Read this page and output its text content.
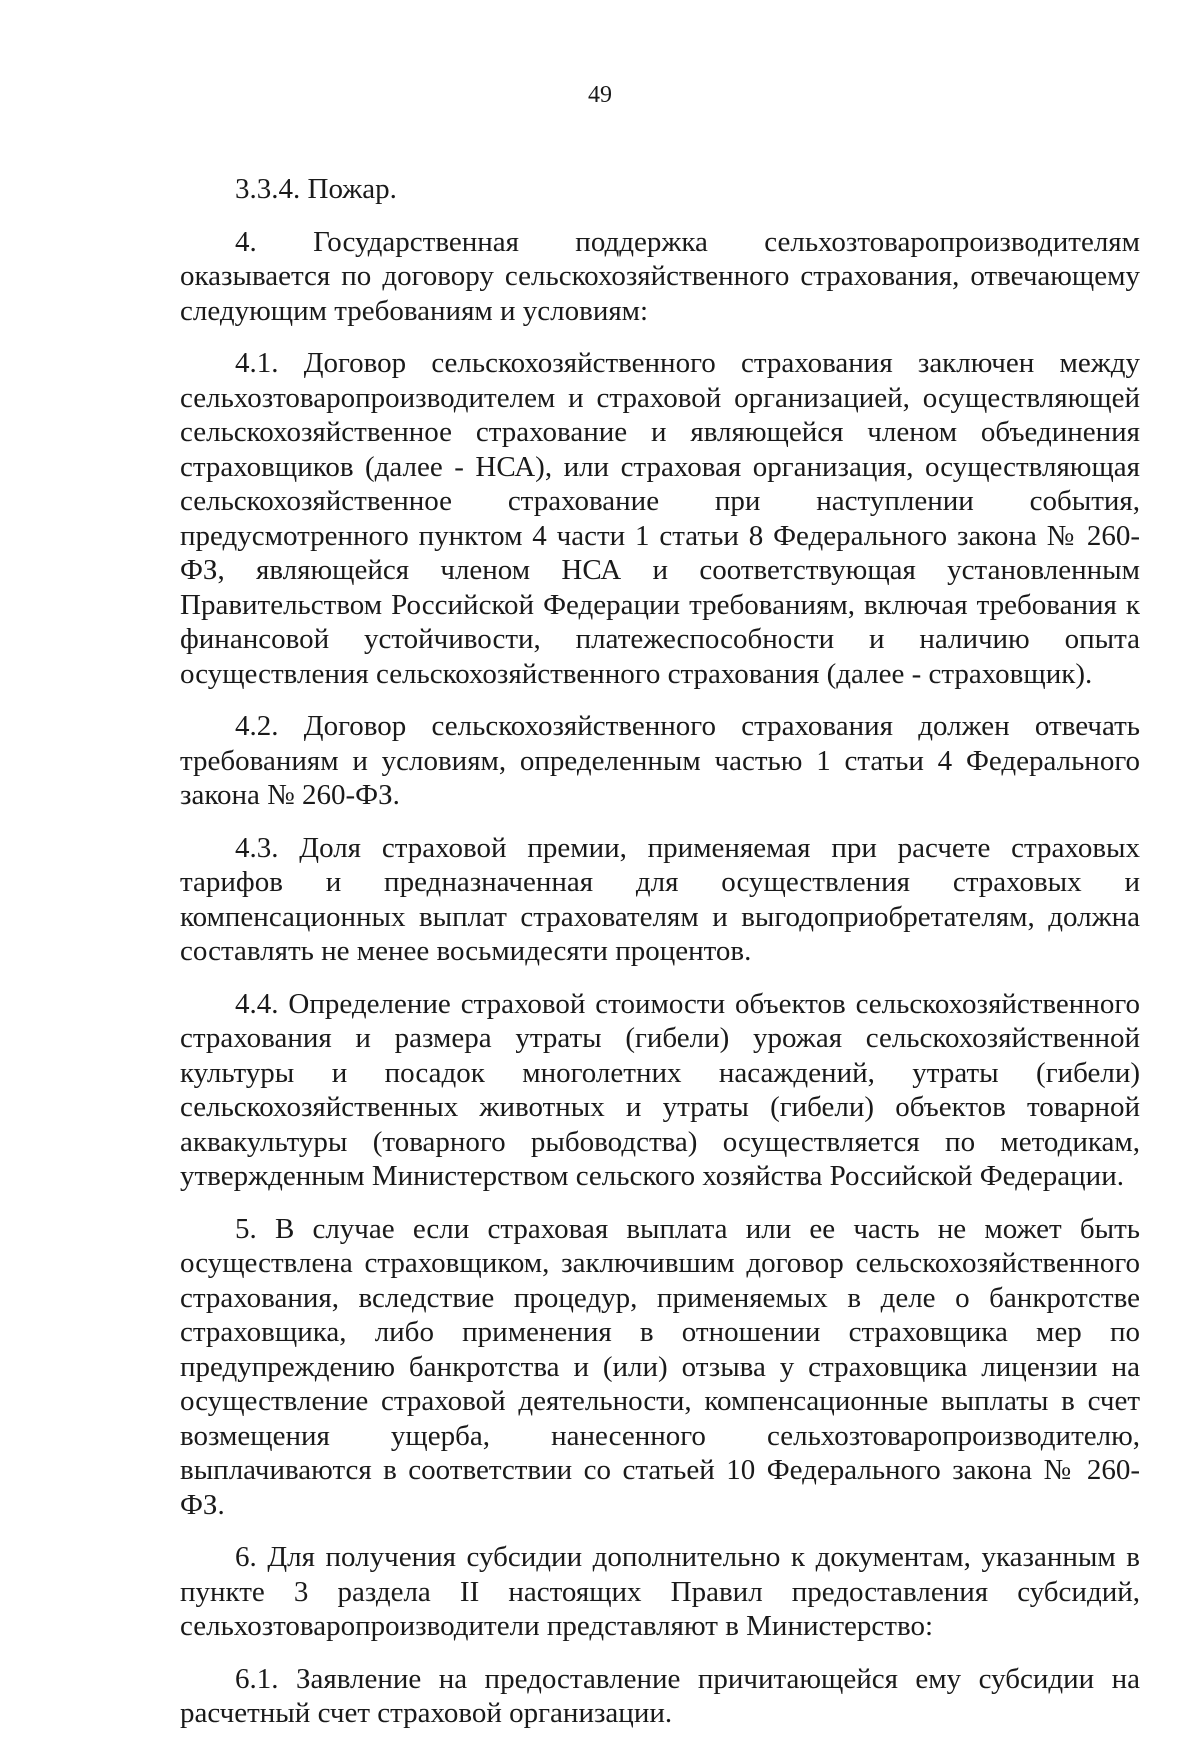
49

3.3.4. Пожар.

4. Государственная поддержка сельхозтоваропроизводителям оказывается по договору сельскохозяйственного страхования, отвечающему следующим требованиям и условиям:

4.1. Договор сельскохозяйственного страхования заключен между сельхозтоваропроизводителем и страховой организацией, осуществляющей сельскохозяйственное страхование и являющейся членом объединения страховщиков (далее - НСА), или страховая организация, осуществляющая сельскохозяйственное страхование при наступлении события, предусмотренного пунктом 4 части 1 статьи 8 Федерального закона № 260-ФЗ, являющейся членом НСА и соответствующая установленным Правительством Российской Федерации требованиям, включая требования к финансовой устойчивости, платежеспособности и наличию опыта осуществления сельскохозяйственного страхования (далее - страховщик).

4.2. Договор сельскохозяйственного страхования должен отвечать требованиям и условиям, определенным частью 1 статьи 4 Федерального закона № 260-ФЗ.

4.3. Доля страховой премии, применяемая при расчете страховых тарифов и предназначенная для осуществления страховых и компенсационных выплат страхователям и выгодоприобретателям, должна составлять не менее восьмидесяти процентов.

4.4. Определение страховой стоимости объектов сельскохозяйственного страхования и размера утраты (гибели) урожая сельскохозяйственной культуры и посадок многолетних насаждений, утраты (гибели) сельскохозяйственных животных и утраты (гибели) объектов товарной аквакультуры (товарного рыбоводства) осуществляется по методикам, утвержденным Министерством сельского хозяйства Российской Федерации.

5. В случае если страховая выплата или ее часть не может быть осуществлена страховщиком, заключившим договор сельскохозяйственного страхования, вследствие процедур, применяемых в деле о банкротстве страховщика, либо применения в отношении страховщика мер по предупреждению банкротства и (или) отзыва у страховщика лицензии на осуществление страховой деятельности, компенсационные выплаты в счет возмещения ущерба, нанесенного сельхозтоваропроизводителю, выплачиваются в соответствии со статьей 10 Федерального закона № 260-ФЗ.

6. Для получения субсидии дополнительно к документам, указанным в пункте 3 раздела II настоящих Правил предоставления субсидий, сельхозтоваропроизводители представляют в Министерство:

6.1. Заявление на предоставление причитающейся ему субсидии на расчетный счет страховой организации.
